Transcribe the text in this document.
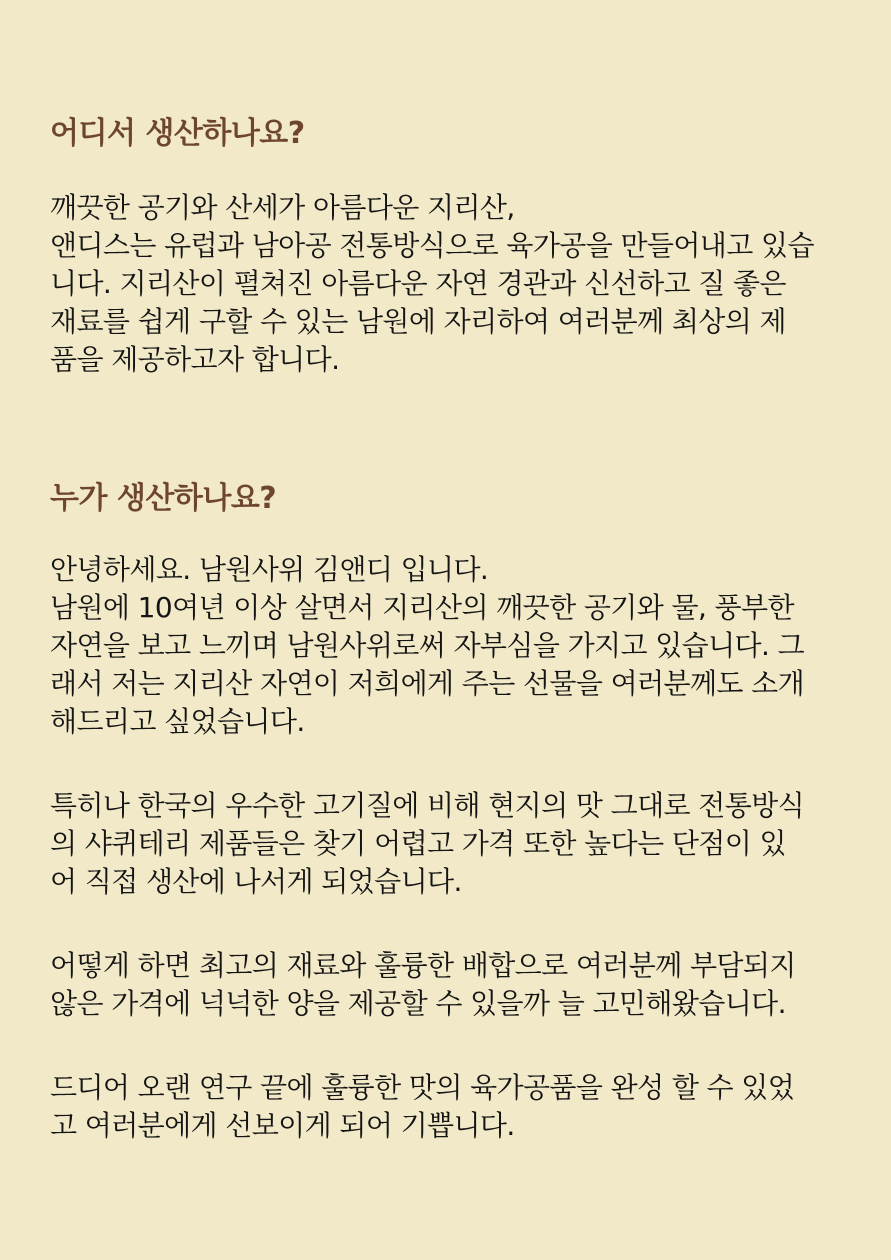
어디서 생산하나요?

깨끗한 공기와 산세가 아름다운 지리산,

앤디스는 유럽과 남아공 전통방식으로 육가공을 만들어내고 있습

니다. 지리산이 펼쳐진 아름다운 자연 경관과 신선하고 질 좋은

재료를 쉽게 구할 수 있는 남원에 자리하여 여러분께 최상의 제

품을 제공하고자 합니다.

누가 생산하나요?

안녕하세요. 남원사위 김앤디 입니다.

남원에 10여년 이상 살면서 지리산의 깨끗한 공기와 물, 풍부한

자연을 보고 느끼며 남원사위로써 자부심을 가지고 있습니다. 그

래서 저는 지리산 자연이 저희에게 주는 선물을 여러분께도 소개

해드리고 싶었습니다.

특히나 한국의 우수한 고기질에 비해 현지의 맛 그대로 전통방식

의 샤퀴테리 제품들은 찾기 어렵고 가격 또한 높다는 단점이 있

어 직접 생산에 나서게 되었습니다.

어떻게 하면 최고의 재료와 훌륭한 배합으로 여러분께 부담되지

않은 가격에 넉넉한 양을 제공할 수 있을까 늘 고민해왔습니다.

드디어 오랜 연구 끝에 훌륭한 맛의 육가공품을 완성 할 수 있었

고 여러분에게 선보이게 되어 기쁩니다.
